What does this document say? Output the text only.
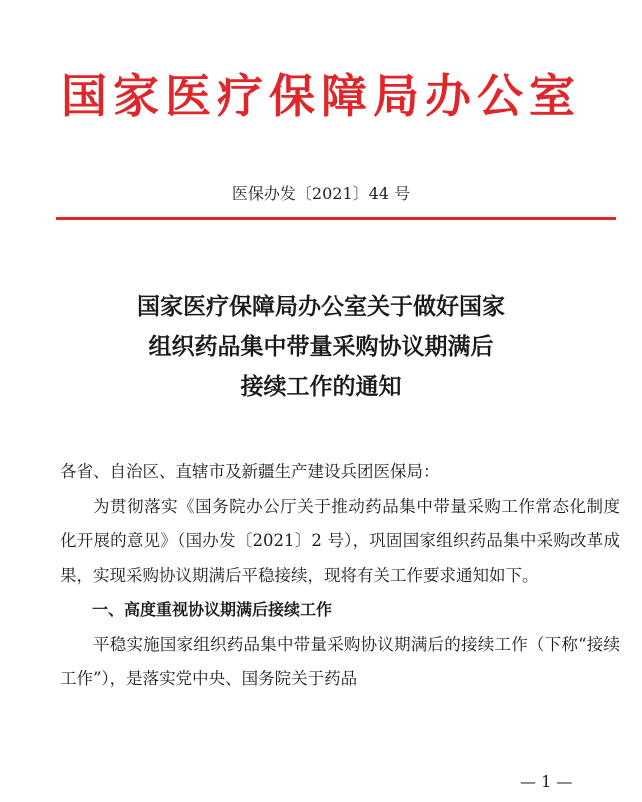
国家医疗保障局办公室
医保办发〔2021〕44 号
国家医疗保障局办公室关于做好国家
组织药品集中带量采购协议期满后
接续工作的通知

各省、自治区、直辖市及新疆生产建设兵团医保局：

为贯彻落实《国务院办公厅关于推动药品集中带量采购工作常态化制度化开展的意见》（国办发〔2021〕2 号），巩固国家组织药品集中采购改革成果，实现采购协议期满后平稳接续，现将有关工作要求通知如下。

一、高度重视协议期满后接续工作

平稳实施国家组织药品集中带量采购协议期满后的接续工作（下称“接续工作”），是落实党中央、国务院关于药品

— 1 —
